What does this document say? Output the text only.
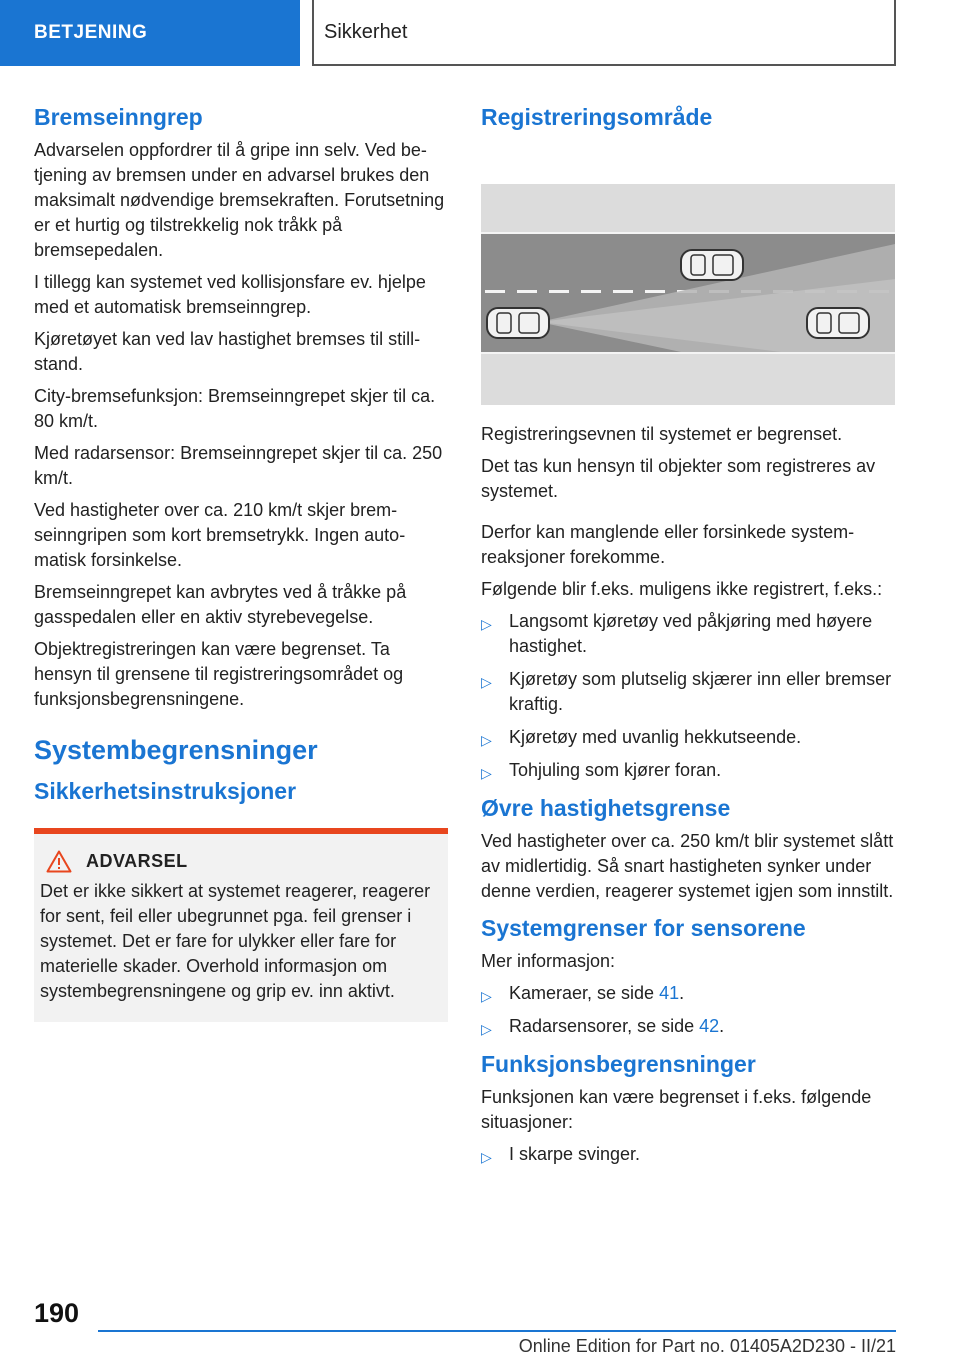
BETJENING	Sikkerhet
Bremseinngrep

Advarselen oppfordrer til å gripe inn selv. Ved betjening av bremsen under en advarsel brukes den maksimalt nødvendige bremsekraften. Forutsetning er et hurtig og tilstrekkelig nok tråkk på bremsepedalen.

I tillegg kan systemet ved kollisjonsfare ev. hjelpe med et automatisk bremseinngrep.

Kjøretøyet kan ved lav hastighet bremses til stillstand.

City-bremsefunksjon: Bremseinngrepet skjer til ca. 80 km/t.

Med radarsensor: Bremseinngrepet skjer til ca. 250 km/t.

Ved hastigheter over ca. 210 km/t skjer bremseinngripen som kort bremsetrykk. Ingen automatisk forsinkelse.

Bremseinngrepet kan avbrytes ved å tråkke på gasspedalen eller en aktiv styrebevegelse.

Objektregistreringen kan være begrenset. Ta hensyn til grensene til registreringsområdet og funksjonsbegrensningene.

Systembegrensninger
Sikkerhetsinstruksjoner
ADVARSEL

Det er ikke sikkert at systemet reagerer, reagerer for sent, feil eller ubegrunnet pga. feil grenser i systemet. Det er fare for ulykker eller fare for materielle skader. Overhold informasjon om systembegrensningene og grip ev. inn aktivt.

Registreringsområde

Registreringsevnen til systemet er begrenset.

Det tas kun hensyn til objekter som registreres av systemet.

Derfor kan manglende eller forsinkede systemreaksjoner forekomme.

Følgende blir f.eks. muligens ikke registrert, f.eks.:

▷ Langsomt kjøretøy ved påkjøring med høyere hastighet.
▷ Kjøretøy som plutselig skjærer inn eller bremser kraftig.
▷ Kjøretøy med uvanlig hekkutseende.
▷ Tohjuling som kjører foran.
Øvre hastighetsgrense

Ved hastigheter over ca. 250 km/t blir systemet slått av midlertidig. Så snart hastigheten synker under denne verdien, reagerer systemet igjen som innstilt.

Systemgrenser for sensorene

Mer informasjon:

▷ Kameraer, se side 41.
▷ Radarsensorer, se side 42.
Funksjonsbegrensninger

Funksjonen kan være begrenset i f.eks. følgende situasjoner:

▷ I skarpe svinger.
190
Online Edition for Part no. 01405A2D230 - II/21
